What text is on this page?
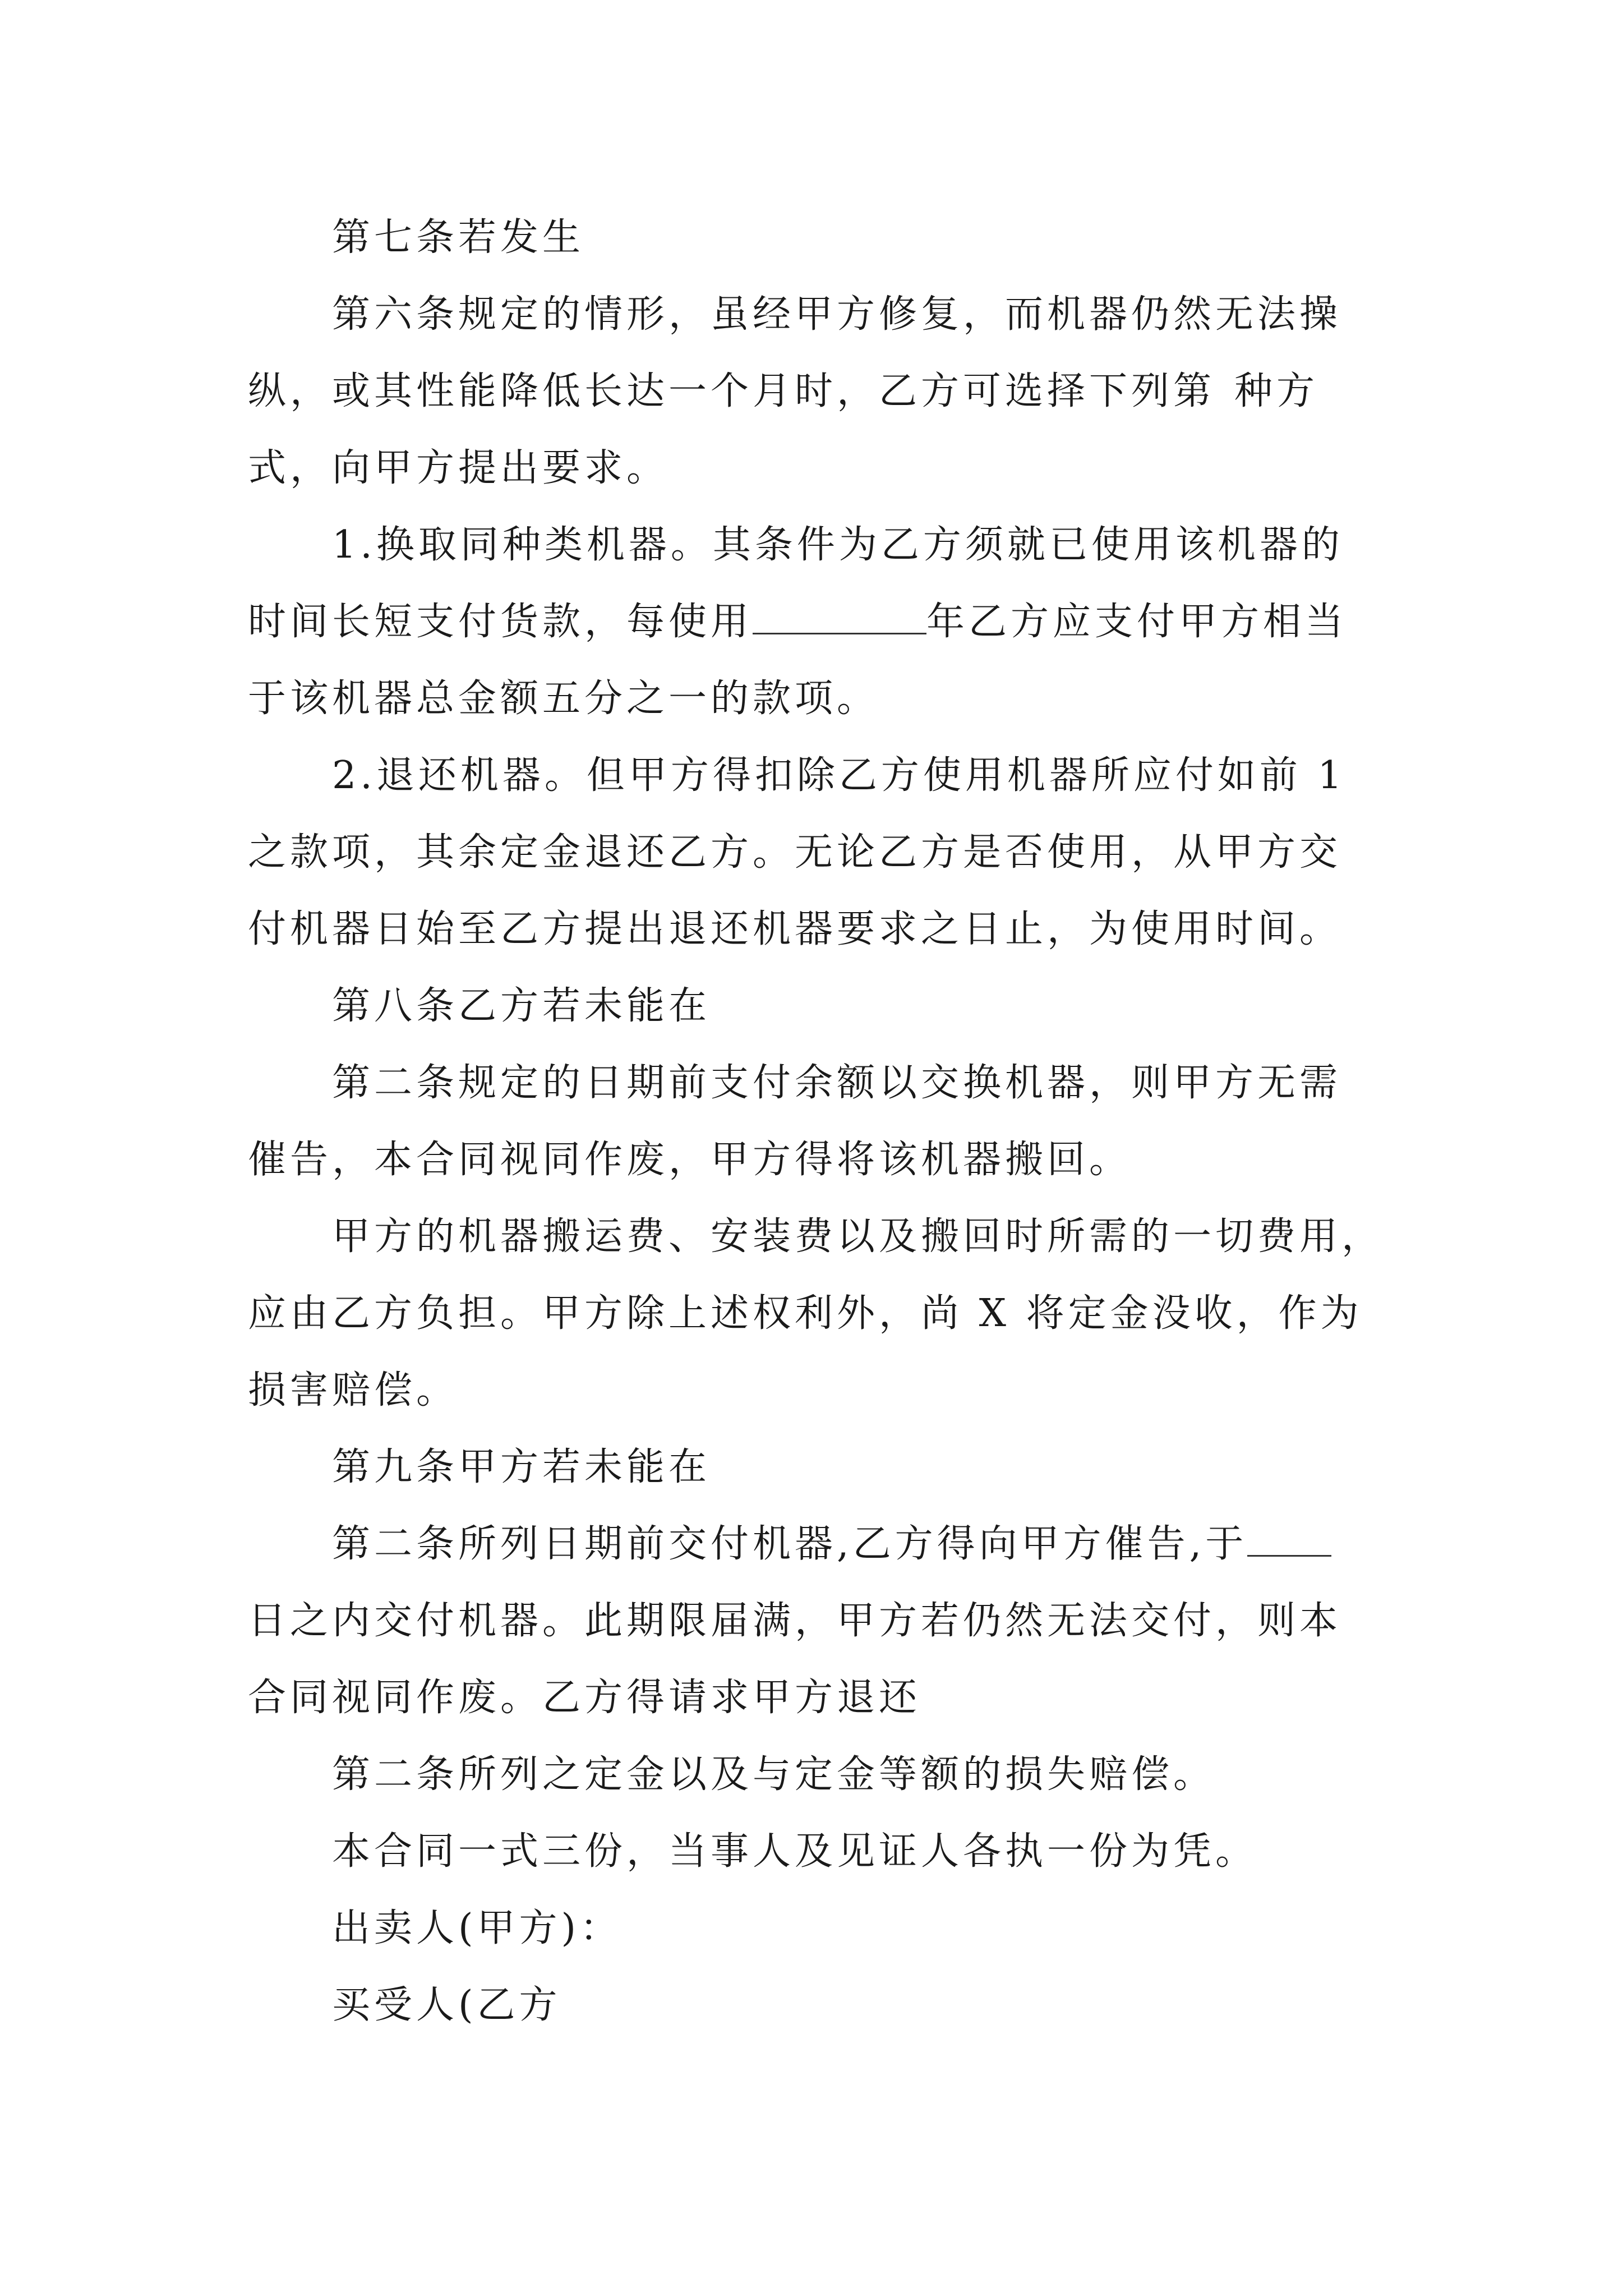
第七条若发生
第六条规定的情形，虽经甲方修复，而机器仍然无法操
纵，或其性能降低长达一个月时，乙方可选择下列第 种方
式，向甲方提出要求。
1.换取同种类机器。其条件为乙方须就已使用该机器的
时间长短支付货款，每使用	年乙方应支付甲方相当
于该机器总金额五分之一的款项。
2.退还机器。但甲方得扣除乙方使用机器所应付如前 1
之款项，其余定金退还乙方。无论乙方是否使用，从甲方交
付机器日始至乙方提出退还机器要求之日止，为使用时间。
第八条乙方若未能在
第二条规定的日期前支付余额以交换机器，则甲方无需
催告，本合同视同作废，甲方得将该机器搬回。
甲方的机器搬运费、安装费以及搬回时所需的一切费用，
应由乙方负担。甲方除上述权利外，尚 X 将定金没收，作为
损害赔偿。
第九条甲方若未能在
第二条所列日期前交付机器,乙方得向甲方催告,于
日之内交付机器。此期限届满，甲方若仍然无法交付，则本
合同视同作废。乙方得请求甲方退还
第二条所列之定金以及与定金等额的损失赔偿。
本合同一式三份，当事人及见证人各执一份为凭。
出卖人(甲方)：
买受人(乙方
